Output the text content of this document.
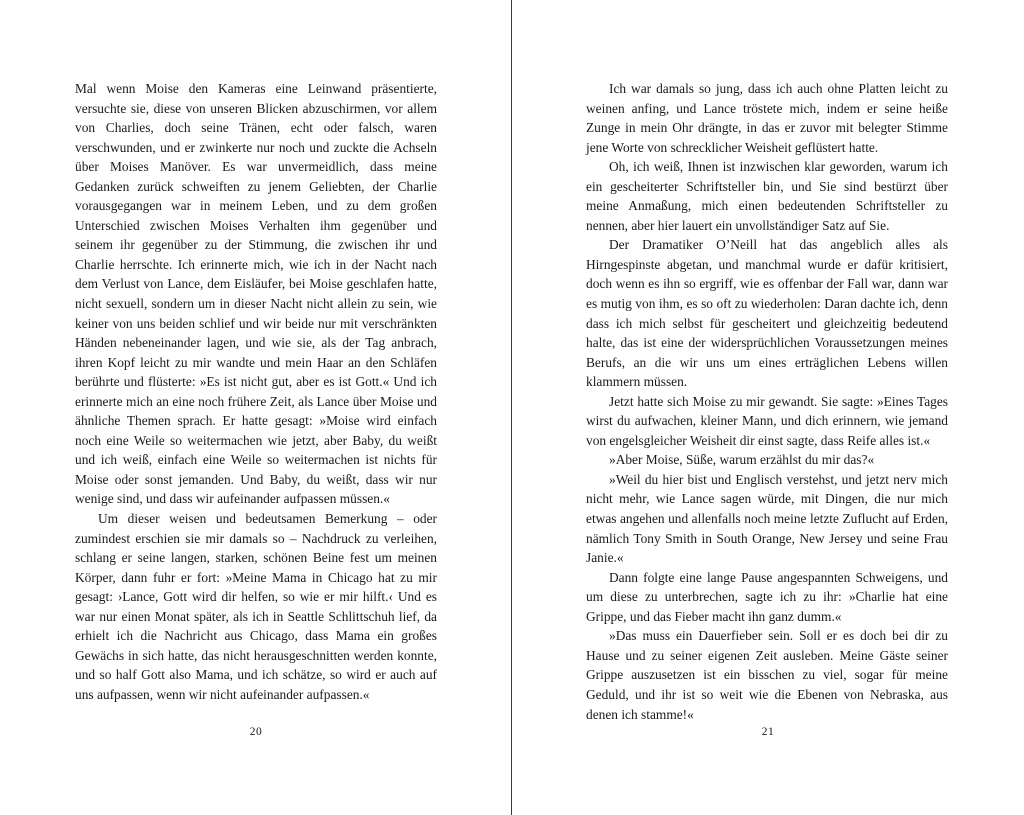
Mal wenn Moise den Kameras eine Leinwand präsentierte, versuchte sie, diese von unseren Blicken abzuschirmen, vor allem von Charlies, doch seine Tränen, echt oder falsch, waren verschwunden, und er zwinkerte nur noch und zuckte die Achseln über Moises Manöver. Es war unvermeidlich, dass meine Gedanken zurück schweiften zu jenem Geliebten, der Charlie vorausgegangen war in meinem Leben, und zu dem großen Unterschied zwischen Moises Verhalten ihm gegenüber und seinem ihr gegenüber zu der Stimmung, die zwischen ihr und Charlie herrschte. Ich erinnerte mich, wie ich in der Nacht nach dem Verlust von Lance, dem Eisläufer, bei Moise geschlafen hatte, nicht sexuell, sondern um in dieser Nacht nicht allein zu sein, wie keiner von uns beiden schlief und wir beide nur mit verschränkten Händen nebeneinander lagen, und wie sie, als der Tag anbrach, ihren Kopf leicht zu mir wandte und mein Haar an den Schläfen berührte und flüsterte: »Es ist nicht gut, aber es ist Gott.« Und ich erinnerte mich an eine noch frühere Zeit, als Lance über Moise und ähnliche Themen sprach. Er hatte gesagt: »Moise wird einfach noch eine Weile so weitermachen wie jetzt, aber Baby, du weißt und ich weiß, einfach eine Weile so weitermachen ist nichts für Moise oder sonst jemanden. Und Baby, du weißt, dass wir nur wenige sind, und dass wir aufeinander aufpassen müssen.«

Um dieser weisen und bedeutsamen Bemerkung – oder zumindest erschien sie mir damals so – Nachdruck zu verleihen, schlang er seine langen, starken, schönen Beine fest um meinen Körper, dann fuhr er fort: »Meine Mama in Chicago hat zu mir gesagt: ›Lance, Gott wird dir helfen, so wie er mir hilft.‹ Und es war nur einen Monat später, als ich in Seattle Schlittschuh lief, da erhielt ich die Nachricht aus Chicago, dass Mama ein großes Gewächs in sich hatte, das nicht herausgeschnitten werden konnte, und so half Gott also Mama, und ich schätze, so wird er auch auf uns aufpassen, wenn wir nicht aufeinander aufpassen.«

20

Ich war damals so jung, dass ich auch ohne Platten leicht zu weinen anfing, und Lance tröstete mich, indem er seine heiße Zunge in mein Ohr drängte, in das er zuvor mit belegter Stimme jene Worte von schrecklicher Weisheit geflüstert hatte.

Oh, ich weiß, Ihnen ist inzwischen klar geworden, warum ich ein gescheiterter Schriftsteller bin, und Sie sind bestürzt über meine Anmaßung, mich einen bedeutenden Schriftsteller zu nennen, aber hier lauert ein unvollständiger Satz auf Sie.

Der Dramatiker O’Neill hat das angeblich alles als Hirngespinste abgetan, und manchmal wurde er dafür kritisiert, doch wenn es ihn so ergriff, wie es offenbar der Fall war, dann war es mutig von ihm, es so oft zu wiederholen: Daran dachte ich, denn dass ich mich selbst für gescheitert und gleichzeitig bedeutend halte, das ist eine der widersprüchlichen Voraussetzungen meines Berufs, an die wir uns um eines erträglichen Lebens willen klammern müssen.

Jetzt hatte sich Moise zu mir gewandt. Sie sagte: »Eines Tages wirst du aufwachen, kleiner Mann, und dich erinnern, wie jemand von engelsgleicher Weisheit dir einst sagte, dass Reife alles ist.«

»Aber Moise, Süße, warum erzählst du mir das?«

»Weil du hier bist und Englisch verstehst, und jetzt nerv mich nicht mehr, wie Lance sagen würde, mit Dingen, die nur mich etwas angehen und allenfalls noch meine letzte Zuflucht auf Erden, nämlich Tony Smith in South Orange, New Jersey und seine Frau Janie.«

Dann folgte eine lange Pause angespannten Schweigens, und um diese zu unterbrechen, sagte ich zu ihr: »Charlie hat eine Grippe, und das Fieber macht ihn ganz dumm.«

»Das muss ein Dauerfieber sein. Soll er es doch bei dir zu Hause und zu seiner eigenen Zeit ausleben. Meine Gäste seiner Grippe auszusetzen ist ein bisschen zu viel, sogar für meine Geduld, und ihr ist so weit wie die Ebenen von Nebraska, aus denen ich stamme!«

21
